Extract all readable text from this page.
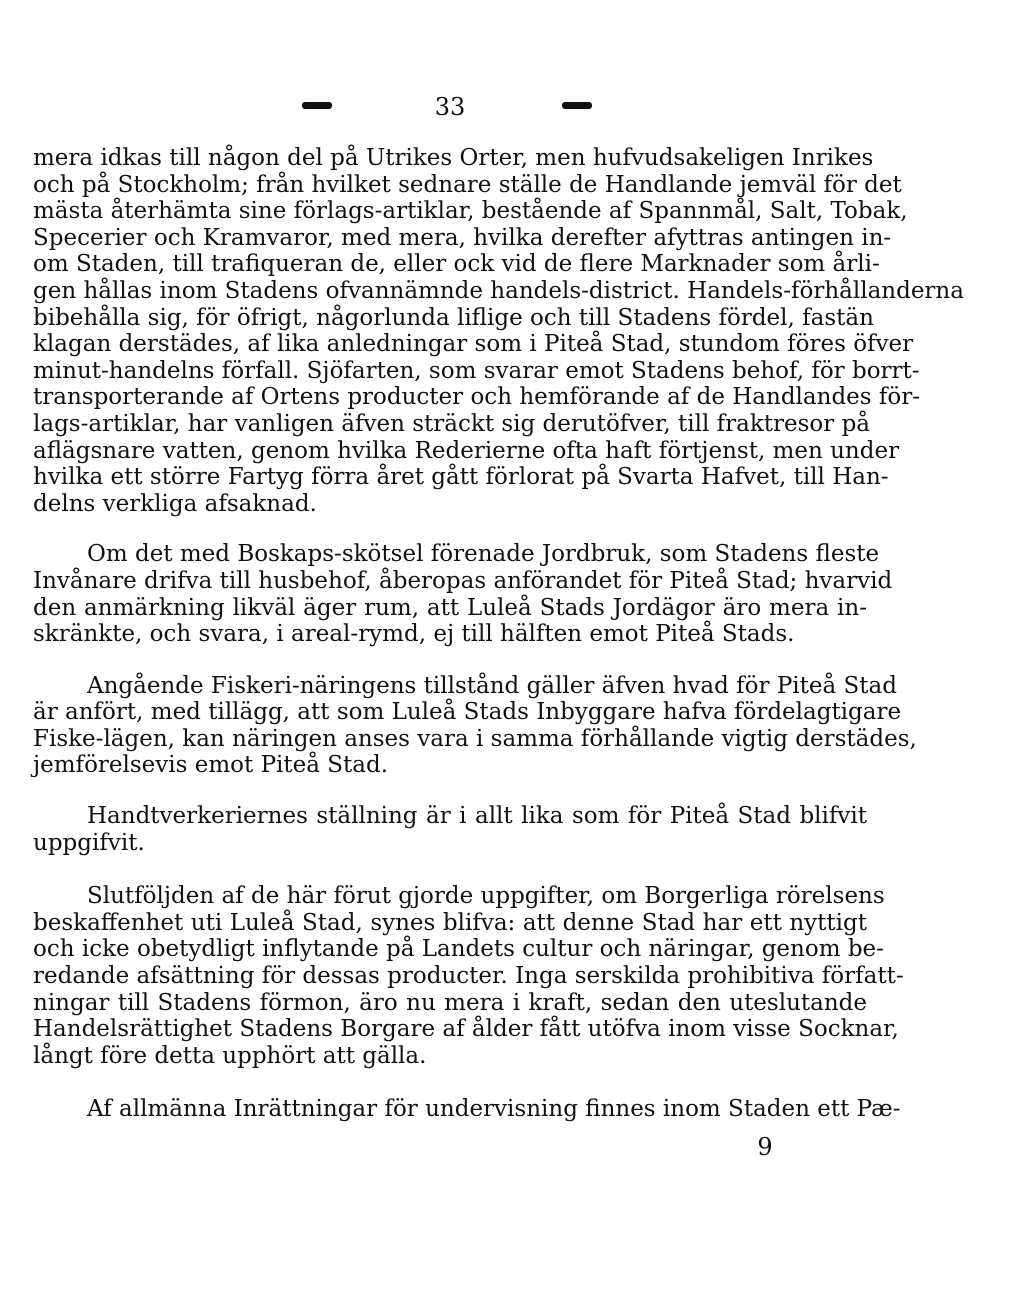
33

mera idkas till någon del på Utrikes Orter, men hufvudsakeligen Inrikes
och på Stockholm; från hvilket sednare ställe de Handlande jemväl för det
mästa återhämta sine förlags-artiklar, bestående af Spannmål, Salt, Tobak,
Specerier och Kramvaror, med mera, hvilka derefter afyttras antingen in-
om Staden, till trafiqueran de, eller ock vid de flere Marknader som årli-
gen hållas inom Stadens ofvannämnde handels-district. Handels-förhållanderna
bibehålla sig, för öfrigt, någorlunda liflige och till Stadens fördel, fastän
klagan derstädes, af lika anledningar som i Piteå Stad, stundom föres öfver
minut-handelns förfall. Sjöfarten, som svarar emot Stadens behof, för borrt-
transporterande af Ortens producter och hemförande af de Handlandes för-
lags-artiklar, har vanligen äfven sträckt sig derutöfver, till fraktresor på
aflägsnare vatten, genom hvilka Rederierne ofta haft förtjenst, men under
hvilka ett större Fartyg förra året gått förlorat på Svarta Hafvet, till Han-
delns verkliga afsaknad.

Om det med Boskaps-skötsel förenade Jordbruk, som Stadens fleste
Invånare drifva till husbehof, åberopas anförandet för Piteå Stad; hvarvid
den anmärkning likväl äger rum, att Luleå Stads Jordägor äro mera in-
skränkte, och svara, i areal-rymd, ej till hälften emot Piteå Stads.

Angående Fiskeri-näringens tillstånd gäller äfven hvad för Piteå Stad
är anfört, med tillägg, att som Luleå Stads Inbyggare hafva fördelagtigare
Fiske-lägen, kan näringen anses vara i samma förhållande vigtig derstädes,
jemförelsevis emot Piteå Stad.

Handtverkeriernes ställning är i allt lika som för Piteå Stad blifvit
uppgifvit.

Slutföljden af de här förut gjorde uppgifter, om Borgerliga rörelsens
beskaffenhet uti Luleå Stad, synes blifva: att denne Stad har ett nyttigt
och icke obetydligt inflytande på Landets cultur och näringar, genom be-
redande afsättning för dessas producter. Inga serskilda prohibitiva författ-
ningar till Stadens förmon, äro nu mera i kraft, sedan den uteslutande
Handelsrättighet Stadens Borgare af ålder fått utöfva inom visse Socknar,
långt före detta upphört att gälla.

Af allmänna Inrättningar för undervisning finnes inom Staden ett Pæ-

9
